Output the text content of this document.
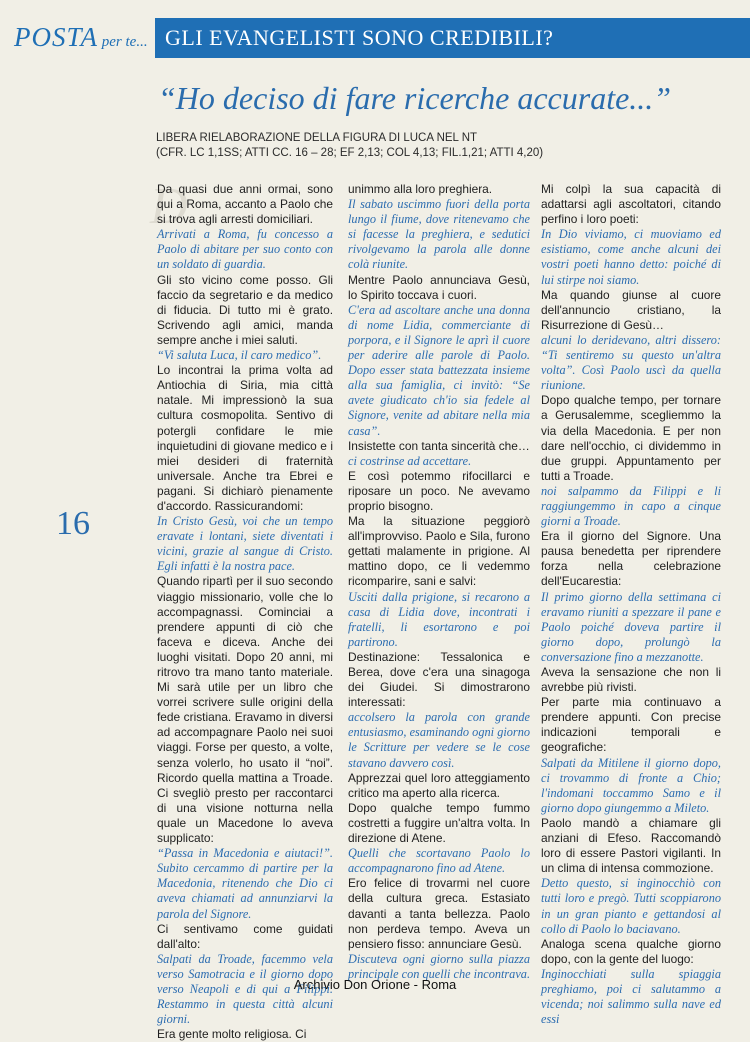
POSTA per te... GLI EVANGELISTI SONO CREDIBILI?
“Ho deciso di fare ricerche accurate...”
LIBERA RIELABORAZIONE DELLA FIGURA DI LUCA NEL NT
(CFR. LC 1,1SS; ATTI CC. 16 – 28; EF 2,13; COL 4,13; FIL.1,21; ATTI 4,20)
D
16

Da quasi due anni ormai, sono qui a Roma, accanto a Paolo che si trova agli arresti domiciliari.

Arrivati a Roma, fu concesso a Paolo di abitare per suo conto con un soldato di guardia.

Gli sto vicino come posso. Gli faccio da segretario e da medico di fiducia. Di tutto mi è grato. Scrivendo agli amici, manda sempre anche i miei saluti.

“Vi saluta Luca, il caro medico”.

Lo incontrai la prima volta ad Antiochia di Siria, mia città natale. Mi impressionò la sua cultura cosmopolita. Sentivo di potergli confidare le mie inquietudini di giovane medico e i miei desideri di fraternità universale. Anche tra Ebrei e pagani. Si dichiarò pienamente d'accordo. Rassicurandomi:

In Cristo Gesù, voi che un tempo eravate i lontani, siete diventati i vicini, grazie al sangue di Cristo. Egli infatti è la nostra pace.

Quando ripartì per il suo secondo viaggio missionario, volle che lo accompagnassi. Cominciai a prendere appunti di ciò che faceva e diceva. Anche dei luoghi visitati. Dopo 20 anni, mi ritrovo tra mano tanto materiale. Mi sarà utile per un libro che vorrei scrivere sulle origini della fede cristiana. Eravamo in diversi ad accompagnare Paolo nei suoi viaggi. Forse per questo, a volte, senza volerlo, ho usato il “noi”. Ricordo quella mattina a Troade. Ci svegliò presto per raccontarci di una visione notturna nella quale un Macedone lo aveva supplicato:

“Passa in Macedonia e aiutaci!”. Subito cercammo di partire per la Macedonia, ritenendo che Dio ci aveva chiamati ad annunziarvi la parola del Signore.

Ci sentivamo come guidati dall'alto:

Salpati da Troade, facemmo vela verso Samotracia e il giorno dopo verso Neapoli e di qui a Filippi. Restammo in questa città alcuni giorni.

Era gente molto religiosa. Ci

unimmo alla loro preghiera.

Il sabato uscimmo fuori della porta lungo il fiume, dove ritenevamo che si facesse la preghiera, e sedutici rivolgevamo la parola alle donne colà riunite.

Mentre Paolo annunciava Gesù, lo Spirito toccava i cuori.

C'era ad ascoltare anche una donna di nome Lidia, commerciante di porpora, e il Signore le aprì il cuore per aderire alle parole di Paolo. Dopo esser stata battezzata insieme alla sua famiglia, ci invitò: “Se avete giudicato ch'io sia fedele al Signore, venite ad abitare nella mia casa”.

Insistette con tanta sincerità che…

ci costrinse ad accettare.

E così potemmo rifocillarci e riposare un poco. Ne avevamo proprio bisogno.

Ma la situazione peggiorò all'improvviso. Paolo e Sila, furono gettati malamente in prigione. Al mattino dopo, ce li vedemmo ricomparire, sani e salvi:

Usciti dalla prigione, si recarono a casa di Lidia dove, incontrati i fratelli, li esortarono e poi partirono.

Destinazione: Tessalonica e Berea, dove c'era una sinagoga dei Giudei. Si dimostrarono interessati:

accolsero la parola con grande entusiasmo, esaminando ogni giorno le Scritture per vedere se le cose stavano davvero così.

Apprezzai quel loro atteggiamento critico ma aperto alla ricerca.

Dopo qualche tempo fummo costretti a fuggire un'altra volta. In direzione di Atene.

Quelli che scortavano Paolo lo accompagnarono fino ad Atene.

Ero felice di trovarmi nel cuore della cultura greca. Estasiato davanti a tanta bellezza. Paolo non perdeva tempo. Aveva un pensiero fisso: annunciare Gesù.

Discuteva ogni giorno sulla piazza principale con quelli che incontrava.

Mi colpì la sua capacità di adattarsi agli ascoltatori, citando perfino i loro poeti:

In Dio viviamo, ci muoviamo ed esistiamo, come anche alcuni dei vostri poeti hanno detto: poiché di lui stirpe noi siamo.

Ma quando giunse al cuore dell'annuncio cristiano, la Risurrezione di Gesù…

alcuni lo deridevano, altri dissero: “Ti sentiremo su questo un'altra volta”. Così Paolo uscì da quella riunione.

Dopo qualche tempo, per tornare a Gerusalemme, scegliemmo la via della Macedonia. E per non dare nell'occhio, ci dividemmo in due gruppi. Appuntamento per tutti a Troade.

noi salpammo da Filippi e li raggiungemmo in capo a cinque giorni a Troade.

Era il giorno del Signore. Una pausa benedetta per riprendere forza nella celebrazione dell'Eucarestia:

Il primo giorno della settimana ci eravamo riuniti a spezzare il pane e Paolo poiché doveva partire il giorno dopo, prolungò la conversazione fino a mezzanotte.

Aveva la sensazione che non li avrebbe più rivisti.

Per parte mia continuavo a prendere appunti. Con precise indicazioni temporali e geografiche:

Salpati da Mitilene il giorno dopo, ci trovammo di fronte a Chio; l'indomani toccammo Samo e il giorno dopo giungemmo a Mileto.

Paolo mandò a chiamare gli anziani di Efeso. Raccomandò loro di essere Pastori vigilanti. In un clima di intensa commozione.

Detto questo, si inginocchiò con tutti loro e pregò. Tutti scoppiarono in un gran pianto e gettandosi al collo di Paolo lo baciavano.

Analoga scena qualche giorno dopo, con la gente del luogo:

Inginocchiati sulla spiaggia preghiamo, poi ci salutammo a vicenda; noi salimmo sulla nave ed essi

Archivio Don Orione - Roma
